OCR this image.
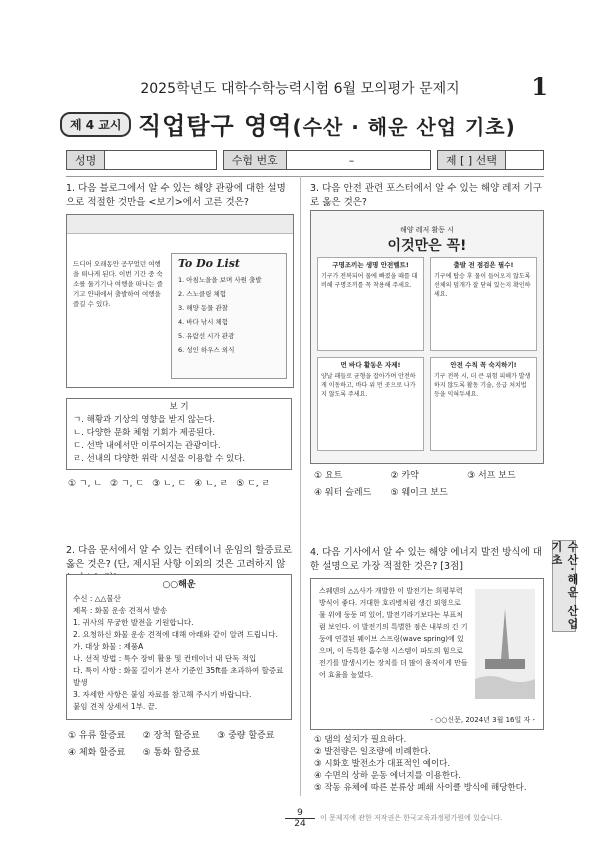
2025학년도 대학수학능력시험 6월 모의평가 문제지	1
제 4 교시 직업탐구 영역(수산 · 해운 산업 기초)
성명	수험 번호	–	제 [ ] 선택
1. 다음 블로그에서 알 수 있는 해양 관광에 대한 설명으로 적절한 것만을 <보기>에서 고른 것은?
드디어 오래동안 공꾸었던 여행을 떠나게 된다. 이번 기간 중 숙소를 둘기기나 여행을 떠나는 즐기고 안내에서 출발하여 여행을 즐길 수 있다.
To Do List
1. 아침노을을 보며 사원 출발
2. 스노클링 체험
3. 해양 동물 관찰
4. 바다 낚시 체험
5. 유람선 시가 관광
6. 성인 하우스 외식
보 기
ㄱ. 해황과 기상의 영향을 받지 않는다.
ㄴ. 다양한 문화 체험 기회가 제공된다.
ㄷ. 선박 내에서만 이루어지는 관광이다.
ㄹ. 선내의 다양한 위락 시설을 이용할 수 있다.
① ㄱ, ㄴ ② ㄱ, ㄷ ③ ㄴ, ㄷ ④ ㄴ, ㄹ ⑤ ㄷ, ㄹ
2. 다음 문서에서 알 수 있는 컨테이너 운임의 할증료로 옳은 것은? (단, 제시된 사항 이외의 것은 고려하지 않
○○해운
수신 : △△물산
제목 : 화물 운송 견적서 발송
1. 귀사의 무궁한 발전을 기원합니다.
2. 요청하신 화물 운송 견적에 대해 아래와 같이 알려 드립니다.
가. 대상 화물 : 제품A
나. 선적 방법 : 특수 장비 활용 및 컨테이너 내 단독 적입
다. 특이 사항 : 화물 길이가 본사 기준인 35ft를 초과하여 할증료 발생
3. 자세한 사항은 붙임 자료를 참고해 주시기 바랍니다.
붙임 견적 상세서 1부. 끝.
① 유류 할증료	② 장척 할증료	③ 중량 할증료
④ 체화 할증료	⑤ 통화 할증료
3. 다음 안전 관련 포스터에서 알 수 있는 해양 레저 기구로 옳은 것은?
해양 레저 활동 시
이것만은 꼭!
구명조끼는 생명 안전벨트!
기구가 전복되어 물에 빠졌을 때를 대비해 구명조끼를 꼭 착용해 주세요.
출발 전 점검은 필수!
기구에 탑승 후 물이 들어오지 않도록 선체의 덮개가 잘 닫혀 있는지 확인하세요.
먼 바다 활동은 자제!
양날 패들로 균형을 잡아가며 안전하게 이동하고, 바다 위 먼 곳으로 나가지 않도록 주세요.
안전 수칙 꼭 숙지하기!
기구 전복 시, 더 큰 위험 피해가 발생하지 않도록 활동 기술, 응급 처치법 등을 익혀두세요.
① 요트	② 카약	③ 서프 보드
④ 워터 슬레드	⑤ 웨이크 보드
4. 다음 기사에서 알 수 있는 해양 에너지 발전 방식에 대한 설명으로 가장 적절한 것은? [3점]
스웨덴의 △△사가 개발한 이 발전기는 희평부력 방식이 좋다. 거대한 호리병처럼 생긴 외형으로 물 위에 둥둥 떠 있어, 발전기라기보다는 부표처럼 보인다. 이 발전기의 특별한 점은 내부의 긴 기둥에 연결된 웨이브 스프링(wave spring)에 있으며, 이 독특한 흡수형 시스템이 파도의 힘으로 전기를 발생시키는 장치를 더 많이 움직이게 만들어 효율을 높였다.
- ○○신문, 2024년 3월 16일 자 -
① 댐의 설치가 필요하다.
② 발전량은 일조량에 비례한다.
③ 시화호 발전소가 대표적인 예이다.
④ 수면의 상하 운동 에너지를 이용한다.
⑤ 작동 유체에 따른 분류상 폐쇄 사이클 방식에 해당한다.
수산·해운 산업 기초
9
24
이 문제지에 관한 저작권은 한국교육과정평가원에 있습니다.
